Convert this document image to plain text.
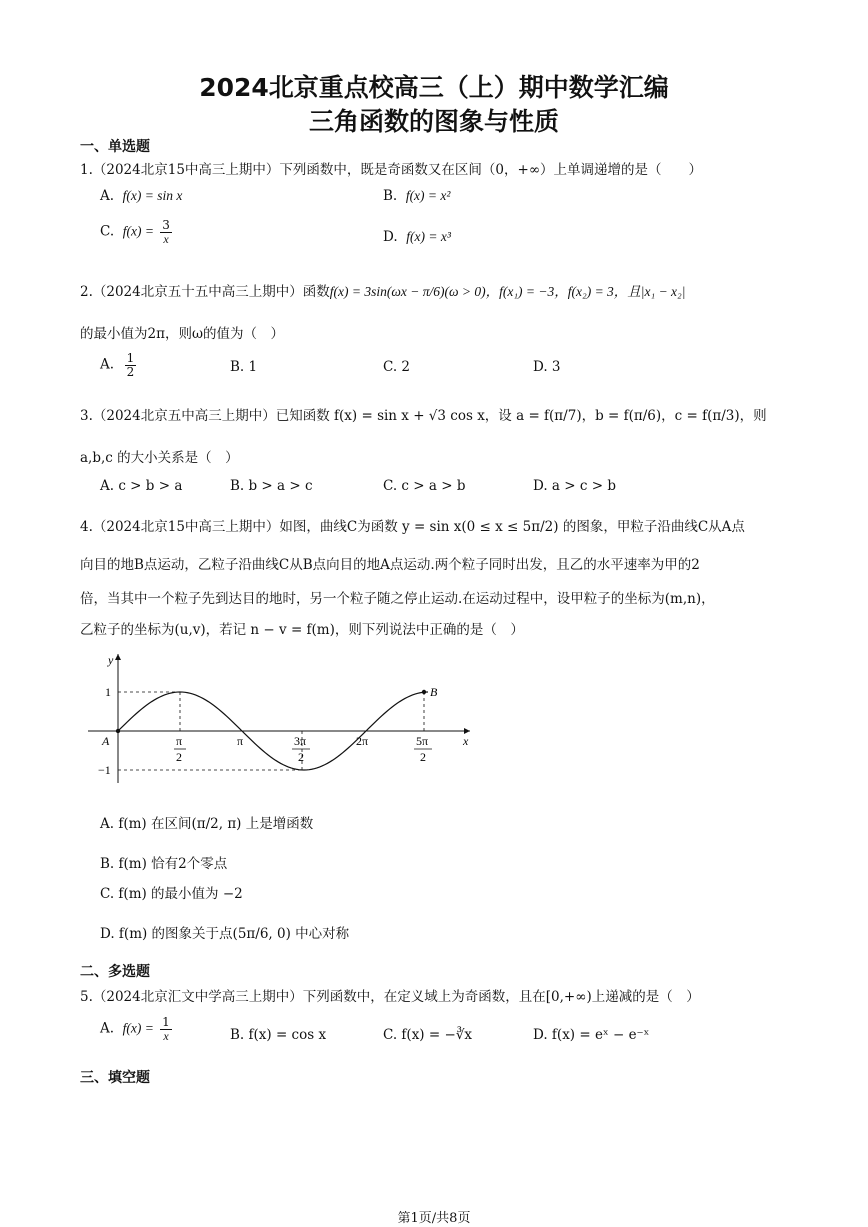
2024北京重点校高三（上）期中数学汇编
三角函数的图象与性质
一、单选题
1.（2024北京15中高三上期中）下列函数中，既是奇函数又在区间（0，+∞）上单调递增的是（　　）
A. f(x) = sin x	B. f(x) = x²
C. $f(x) = \frac{3}{x}$	D. f(x) = x³
2.（2024北京五十五中高三上期中）函数f(x) = 3sin(ωx − π/6)(ω > 0)，f(x₁) = −3，f(x₂) = 3，且|x₁ − x₂|
的最小值为2π，则ω的值为（　）
A. $\frac{1}{2}$	B. 1	C. 2	D. 3
3.（2024北京五中高三上期中）已知函数 f(x) = sin x + √3 cos x，设 a = f(π/7)，b = f(π/6)，c = f(π/3)，则
a,b,c 的大小关系是（　）
A. c > b > a	B. b > a > c	C. c > a > b	D. a > c > b
4.（2024北京15中高三上期中）如图，曲线C为函数 y = sin x(0 ≤ x ≤ 5π/2) 的图象，甲粒子沿曲线C从A点
向目的地B点运动，乙粒子沿曲线C从B点向目的地A点运动.两个粒子同时出发，且乙的水平速率为甲的2
倍，当其中一个粒子先到达目的地时，另一个粒子随之停止运动.在运动过程中，设甲粒子的坐标为(m,n)，
乙粒子的坐标为(u,v)，若记 n − v = f(m)，则下列说法中正确的是（　）
y
x
1
−1
A
B
π
2
π	3π
2
2π	5π
2
A. f(m) 在区间(π/2, π) 上是增函数
B. f(m) 恰有2个零点
C. f(m) 的最小值为 −2
D. f(m) 的图象关于点(5π/6, 0) 中心对称
二、多选题
5.（2024北京汇文中学高三上期中）下列函数中，在定义域上为奇函数，且在[0,+∞)上递减的是（　）
A. $f(x) = \frac{1}{x}$	B. f(x) = cos x	C. f(x) = −∛x	D. f(x) = eˣ − e⁻ˣ
三、填空题
第1页/共8页
